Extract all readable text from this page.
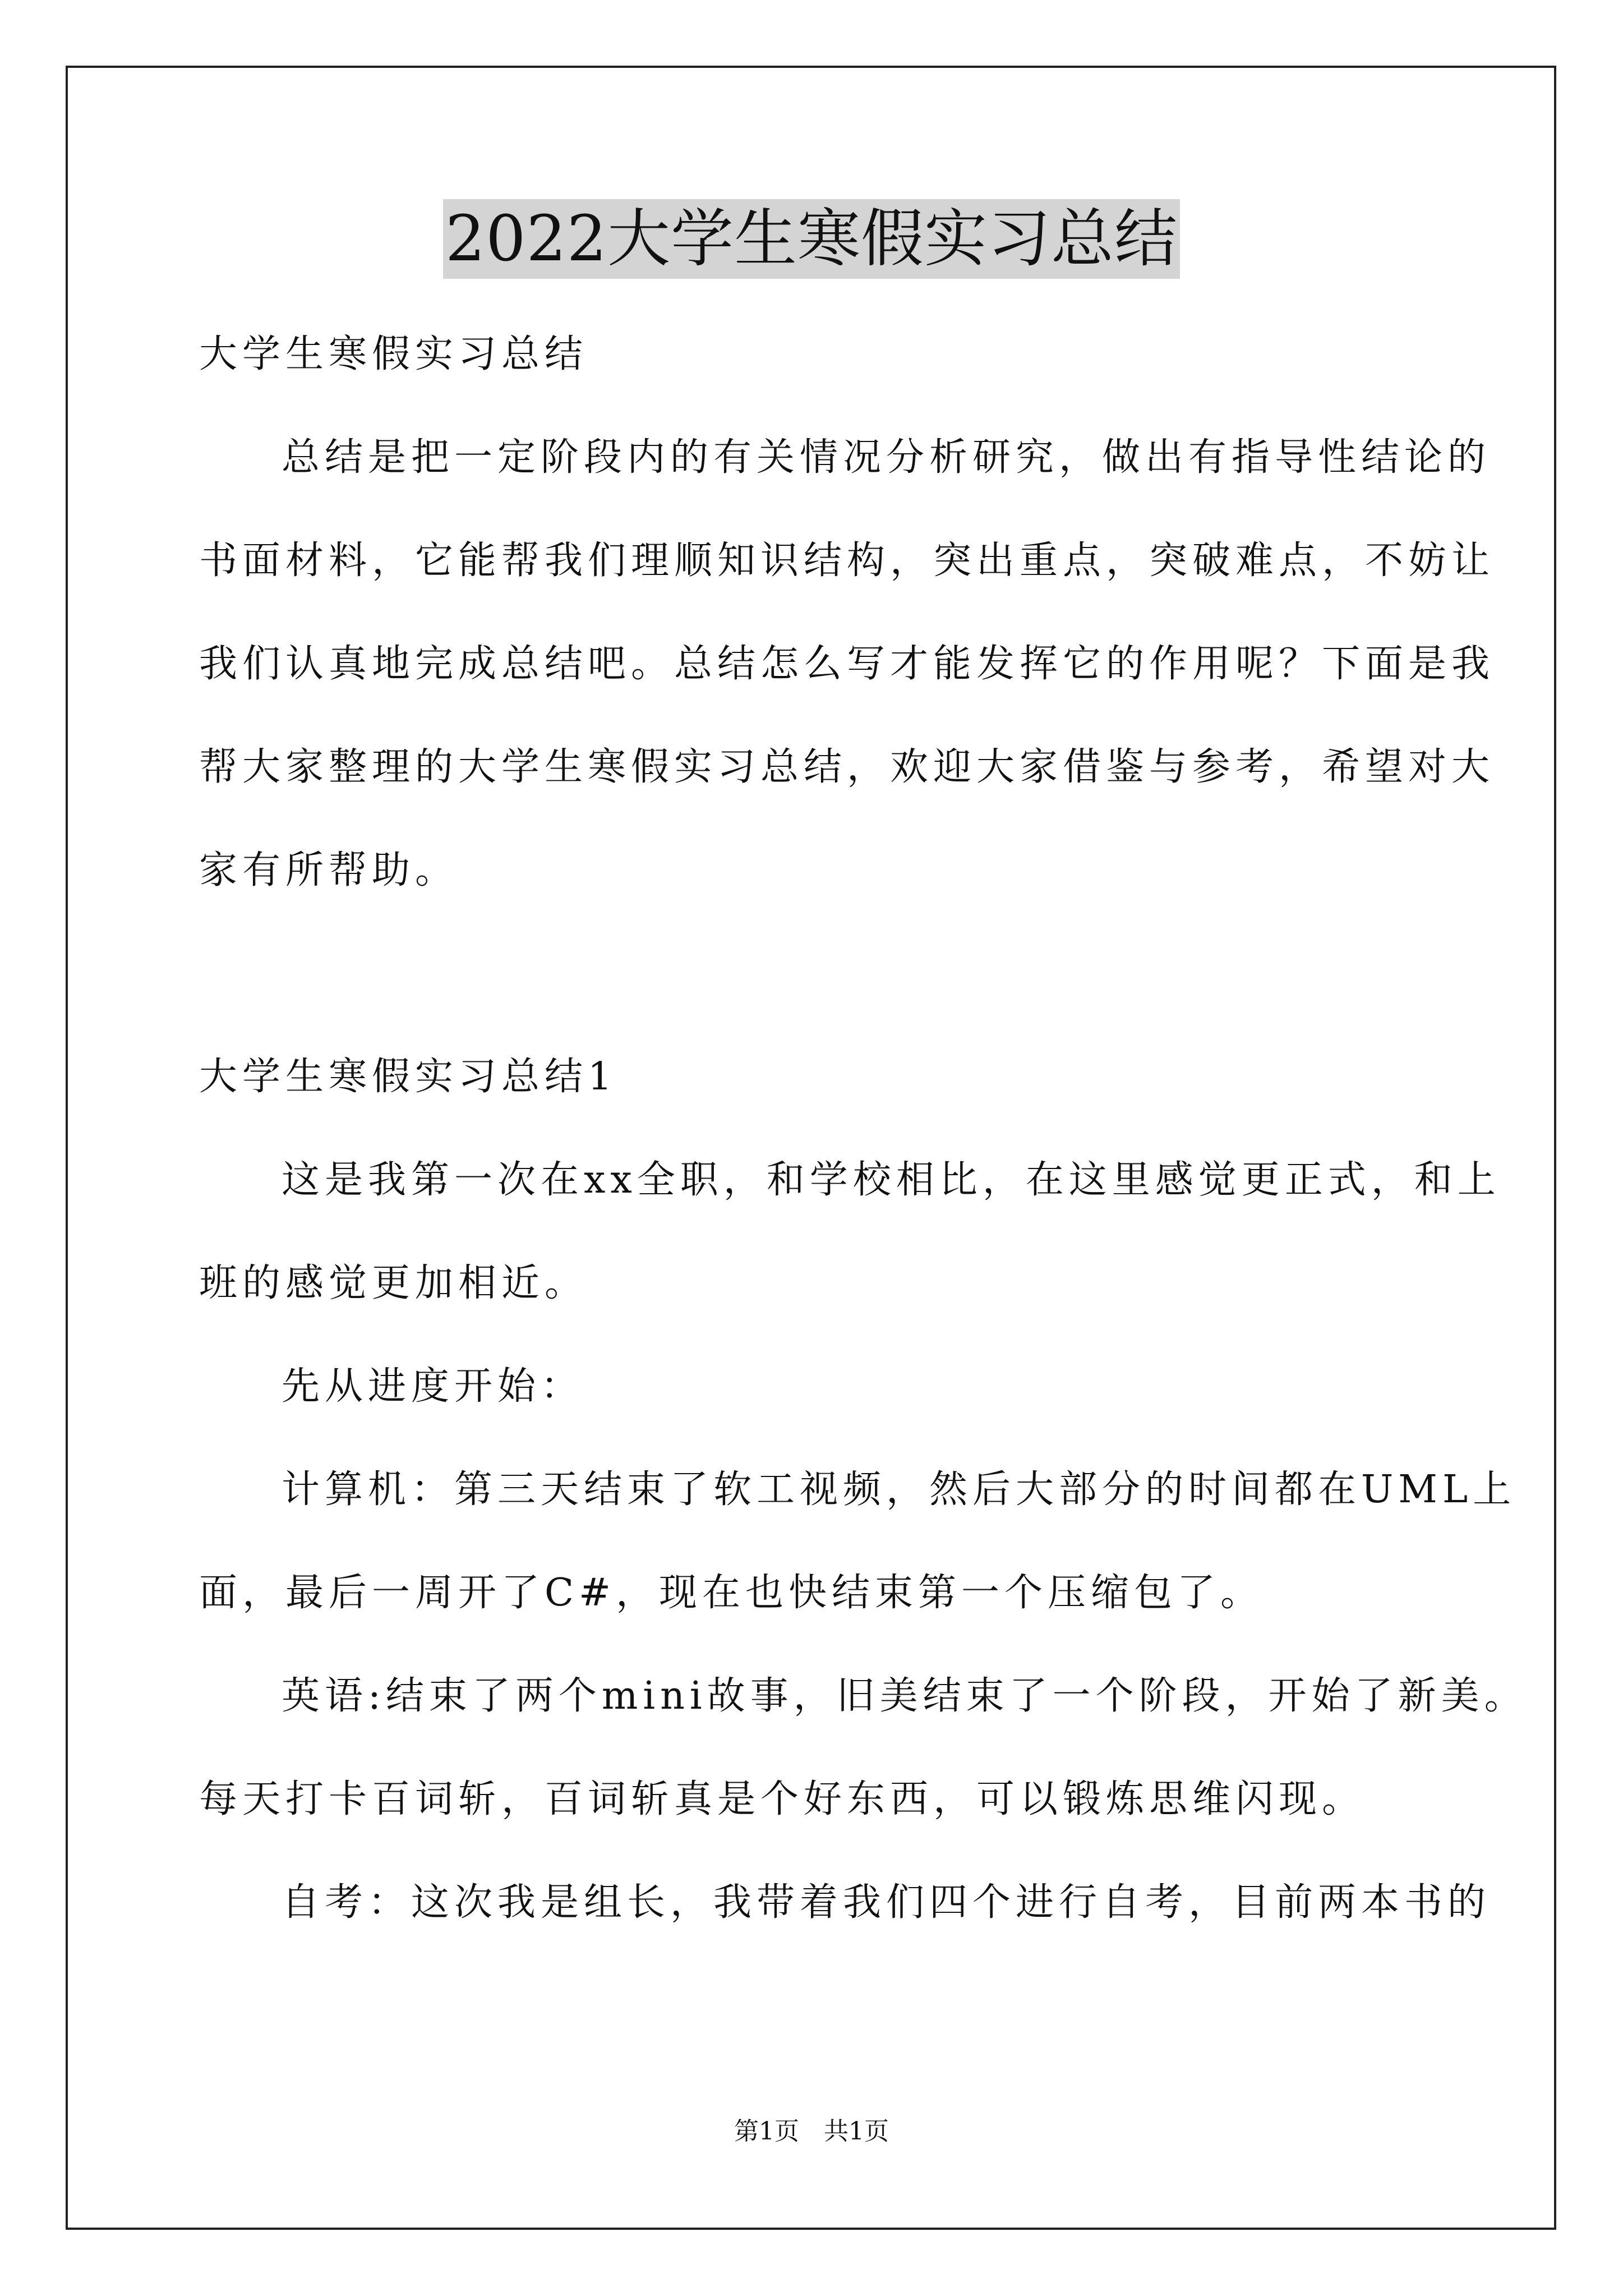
2022大学生寒假实习总结
大学生寒假实习总结
总结是把一定阶段内的有关情况分析研究，做出有指导性结论的
书面材料，它能帮我们理顺知识结构，突出重点，突破难点，不妨让
我们认真地完成总结吧。总结怎么写才能发挥它的作用呢？下面是我
帮大家整理的大学生寒假实习总结，欢迎大家借鉴与参考，希望对大
家有所帮助。
大学生寒假实习总结1
这是我第一次在xx全职，和学校相比，在这里感觉更正式，和上
班的感觉更加相近。
先从进度开始：
计算机：第三天结束了软工视频，然后大部分的时间都在UML上
面，最后一周开了C#，现在也快结束第一个压缩包了。
英语:结束了两个mini故事，旧美结束了一个阶段，开始了新美。
每天打卡百词斩，百词斩真是个好东西，可以锻炼思维闪现。
自考：这次我是组长，我带着我们四个进行自考，目前两本书的
第1页　共1页
